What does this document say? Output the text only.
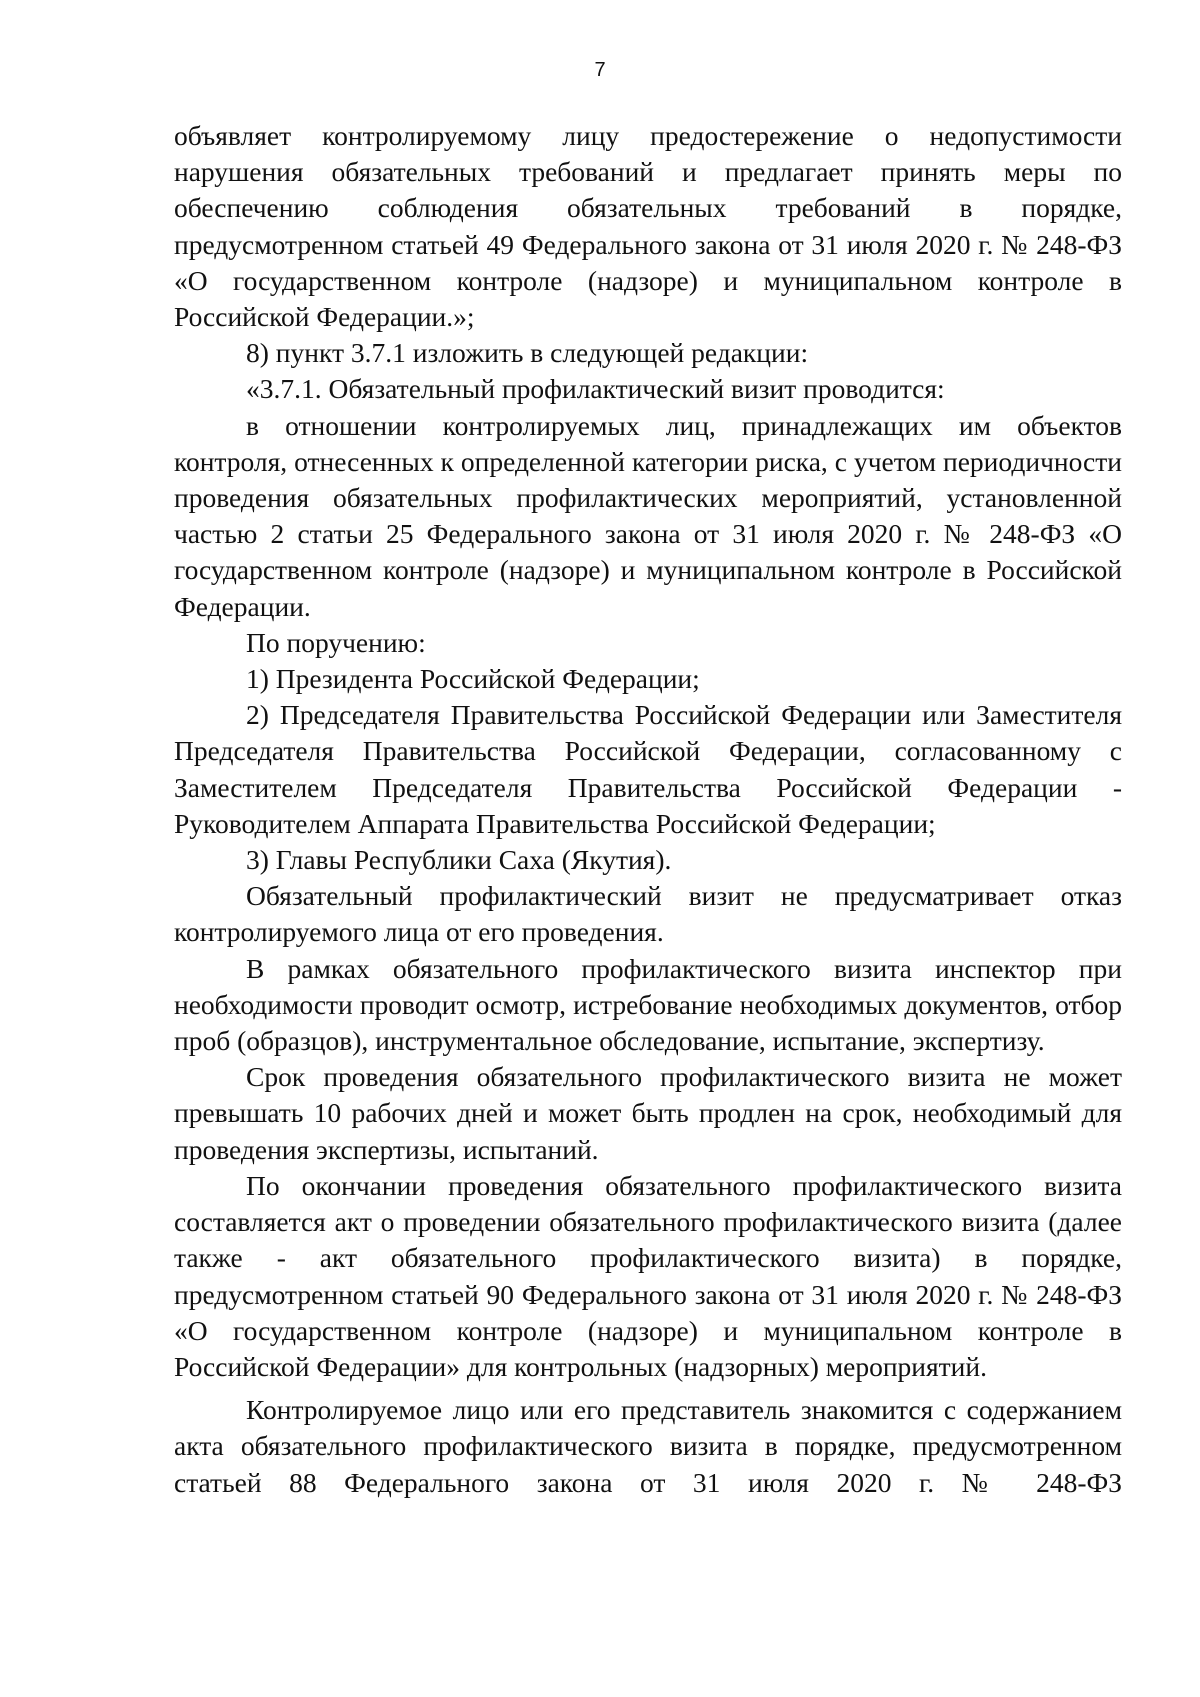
7

объявляет контролируемому лицу предостережение о недопустимости нарушения обязательных требований и предлагает принять меры по обеспечению соблюдения обязательных требований в порядке, предусмотренном статьей 49 Федерального закона от 31 июля 2020 г. № 248-ФЗ «О государственном контроле (надзоре) и муниципальном контроле в Российской Федерации.»;

8) пункт 3.7.1 изложить в следующей редакции:

«3.7.1. Обязательный профилактический визит проводится:

в отношении контролируемых лиц, принадлежащих им объектов контроля, отнесенных к определенной категории риска, с учетом периодичности проведения обязательных профилактических мероприятий, установленной частью 2 статьи 25 Федерального закона от 31 июля 2020 г. № 248-ФЗ «О государственном контроле (надзоре) и муниципальном контроле в Российской Федерации.

По поручению:

1) Президента Российской Федерации;

2) Председателя Правительства Российской Федерации или Заместителя Председателя Правительства Российской Федерации, согласованному с Заместителем Председателя Правительства Российской Федерации - Руководителем Аппарата Правительства Российской Федерации;

3) Главы Республики Саха (Якутия).

Обязательный профилактический визит не предусматривает отказ контролируемого лица от его проведения.

В рамках обязательного профилактического визита инспектор при необходимости проводит осмотр, истребование необходимых документов, отбор проб (образцов), инструментальное обследование, испытание, экспертизу.

Срок проведения обязательного профилактического визита не может превышать 10 рабочих дней и может быть продлен на срок, необходимый для проведения экспертизы, испытаний.

По окончании проведения обязательного профилактического визита составляется акт о проведении обязательного профилактического визита (далее также - акт обязательного профилактического визита) в порядке, предусмотренном статьей 90 Федерального закона от 31 июля 2020 г. № 248-ФЗ «О государственном контроле (надзоре) и муниципальном контроле в Российской Федерации» для контрольных (надзорных) мероприятий.

Контролируемое лицо или его представитель знакомится с содержанием акта обязательного профилактического визита в порядке, предусмотренном статьей 88 Федерального закона от 31 июля 2020 г. № 248-ФЗ
